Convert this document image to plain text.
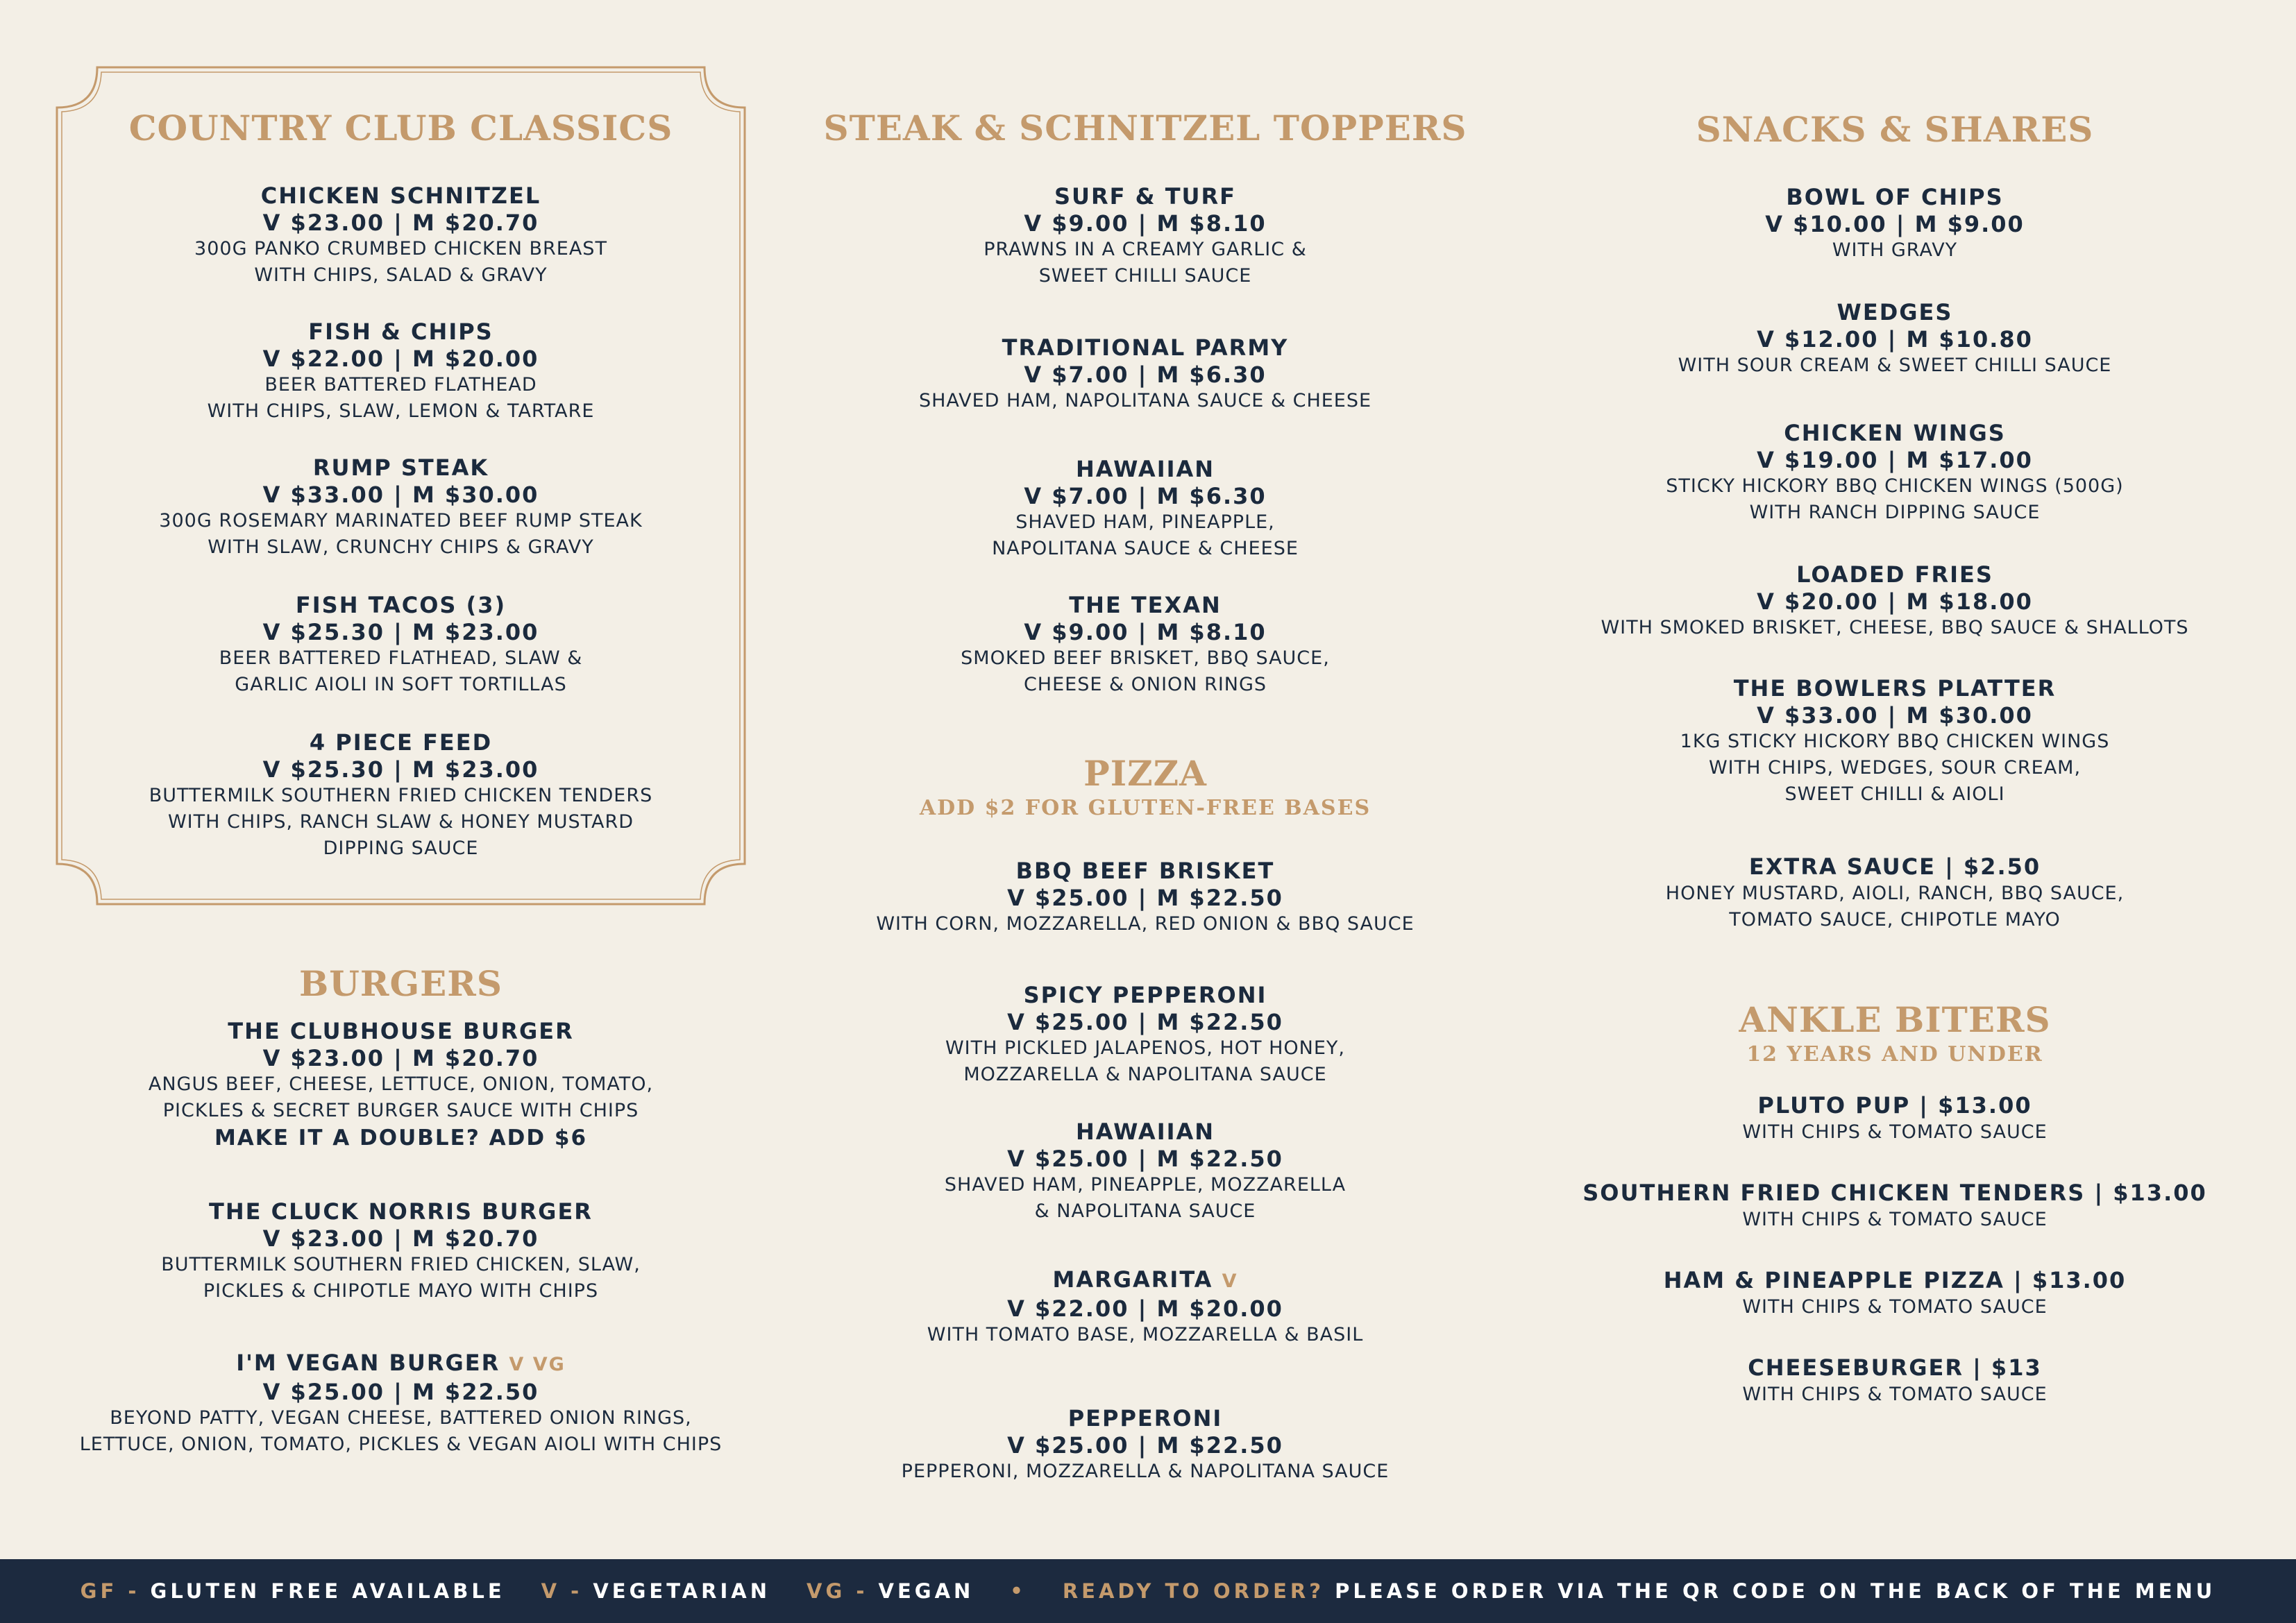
COUNTRY CLUB CLASSICS
CHICKEN SCHNITZEL
V $23.00 | M $20.70
300G PANKO CRUMBED CHICKEN BREAST
WITH CHIPS, SALAD & GRAVY
FISH & CHIPS
V $22.00 | M $20.00
BEER BATTERED FLATHEAD
WITH CHIPS, SLAW, LEMON & TARTARE
RUMP STEAK
V $33.00 | M $30.00
300G ROSEMARY MARINATED BEEF RUMP STEAK
WITH SLAW, CRUNCHY CHIPS & GRAVY
FISH TACOS (3)
V $25.30 | M $23.00
BEER BATTERED FLATHEAD, SLAW &
GARLIC AIOLI IN SOFT TORTILLAS
4 PIECE FEED
V $25.30 | M $23.00
BUTTERMILK SOUTHERN FRIED CHICKEN TENDERS
WITH CHIPS, RANCH SLAW & HONEY MUSTARD
DIPPING SAUCE
BURGERS
THE CLUBHOUSE BURGER
V $23.00 | M $20.70
ANGUS BEEF, CHEESE, LETTUCE, ONION, TOMATO,
PICKLES & SECRET BURGER SAUCE WITH CHIPS
MAKE IT A DOUBLE? ADD $6
THE CLUCK NORRIS BURGER
V $23.00 | M $20.70
BUTTERMILK SOUTHERN FRIED CHICKEN, SLAW,
PICKLES & CHIPOTLE MAYO WITH CHIPS
I'M VEGAN BURGER V VG
V $25.00 | M $22.50
BEYOND PATTY, VEGAN CHEESE, BATTERED ONION RINGS,
LETTUCE, ONION, TOMATO, PICKLES & VEGAN AIOLI WITH CHIPS
STEAK & SCHNITZEL TOPPERS
SURF & TURF
V $9.00 | M $8.10
PRAWNS IN A CREAMY GARLIC &
SWEET CHILLI SAUCE
TRADITIONAL PARMY
V $7.00 | M $6.30
SHAVED HAM, NAPOLITANA SAUCE & CHEESE
HAWAIIAN
V $7.00 | M $6.30
SHAVED HAM, PINEAPPLE,
NAPOLITANA SAUCE & CHEESE
THE TEXAN
V $9.00 | M $8.10
SMOKED BEEF BRISKET, BBQ SAUCE,
CHEESE & ONION RINGS
PIZZA
ADD $2 FOR GLUTEN-FREE BASES
BBQ BEEF BRISKET
V $25.00 | M $22.50
WITH CORN, MOZZARELLA, RED ONION & BBQ SAUCE
SPICY PEPPERONI
V $25.00 | M $22.50
WITH PICKLED JALAPENOS, HOT HONEY,
MOZZARELLA & NAPOLITANA SAUCE
HAWAIIAN
V $25.00 | M $22.50
SHAVED HAM, PINEAPPLE, MOZZARELLA
& NAPOLITANA SAUCE
MARGARITA V
V $22.00 | M $20.00
WITH TOMATO BASE, MOZZARELLA & BASIL
PEPPERONI
V $25.00 | M $22.50
PEPPERONI, MOZZARELLA & NAPOLITANA SAUCE
SNACKS & SHARES
BOWL OF CHIPS
V $10.00 | M $9.00
WITH GRAVY
WEDGES
V $12.00 | M $10.80
WITH SOUR CREAM & SWEET CHILLI SAUCE
CHICKEN WINGS
V $19.00 | M $17.00
STICKY HICKORY BBQ CHICKEN WINGS (500G)
WITH RANCH DIPPING SAUCE
LOADED FRIES
V $20.00 | M $18.00
WITH SMOKED BRISKET, CHEESE, BBQ SAUCE & SHALLOTS
THE BOWLERS PLATTER
V $33.00 | M $30.00
1KG STICKY HICKORY BBQ CHICKEN WINGS
WITH CHIPS, WEDGES, SOUR CREAM,
SWEET CHILLI & AIOLI
EXTRA SAUCE | $2.50
HONEY MUSTARD, AIOLI, RANCH, BBQ SAUCE,
TOMATO SAUCE, CHIPOTLE MAYO
ANKLE BITERS
12 YEARS AND UNDER
PLUTO PUP | $13.00
WITH CHIPS & TOMATO SAUCE
SOUTHERN FRIED CHICKEN TENDERS | $13.00
WITH CHIPS & TOMATO SAUCE
HAM & PINEAPPLE PIZZA | $13.00
WITH CHIPS & TOMATO SAUCE
CHEESEBURGER | $13
WITH CHIPS & TOMATO SAUCE
GF - GLUTEN FREE AVAILABLE V - VEGETARIAN VG - VEGAN • READY TO ORDER? PLEASE ORDER VIA THE QR CODE ON THE BACK OF THE MENU
